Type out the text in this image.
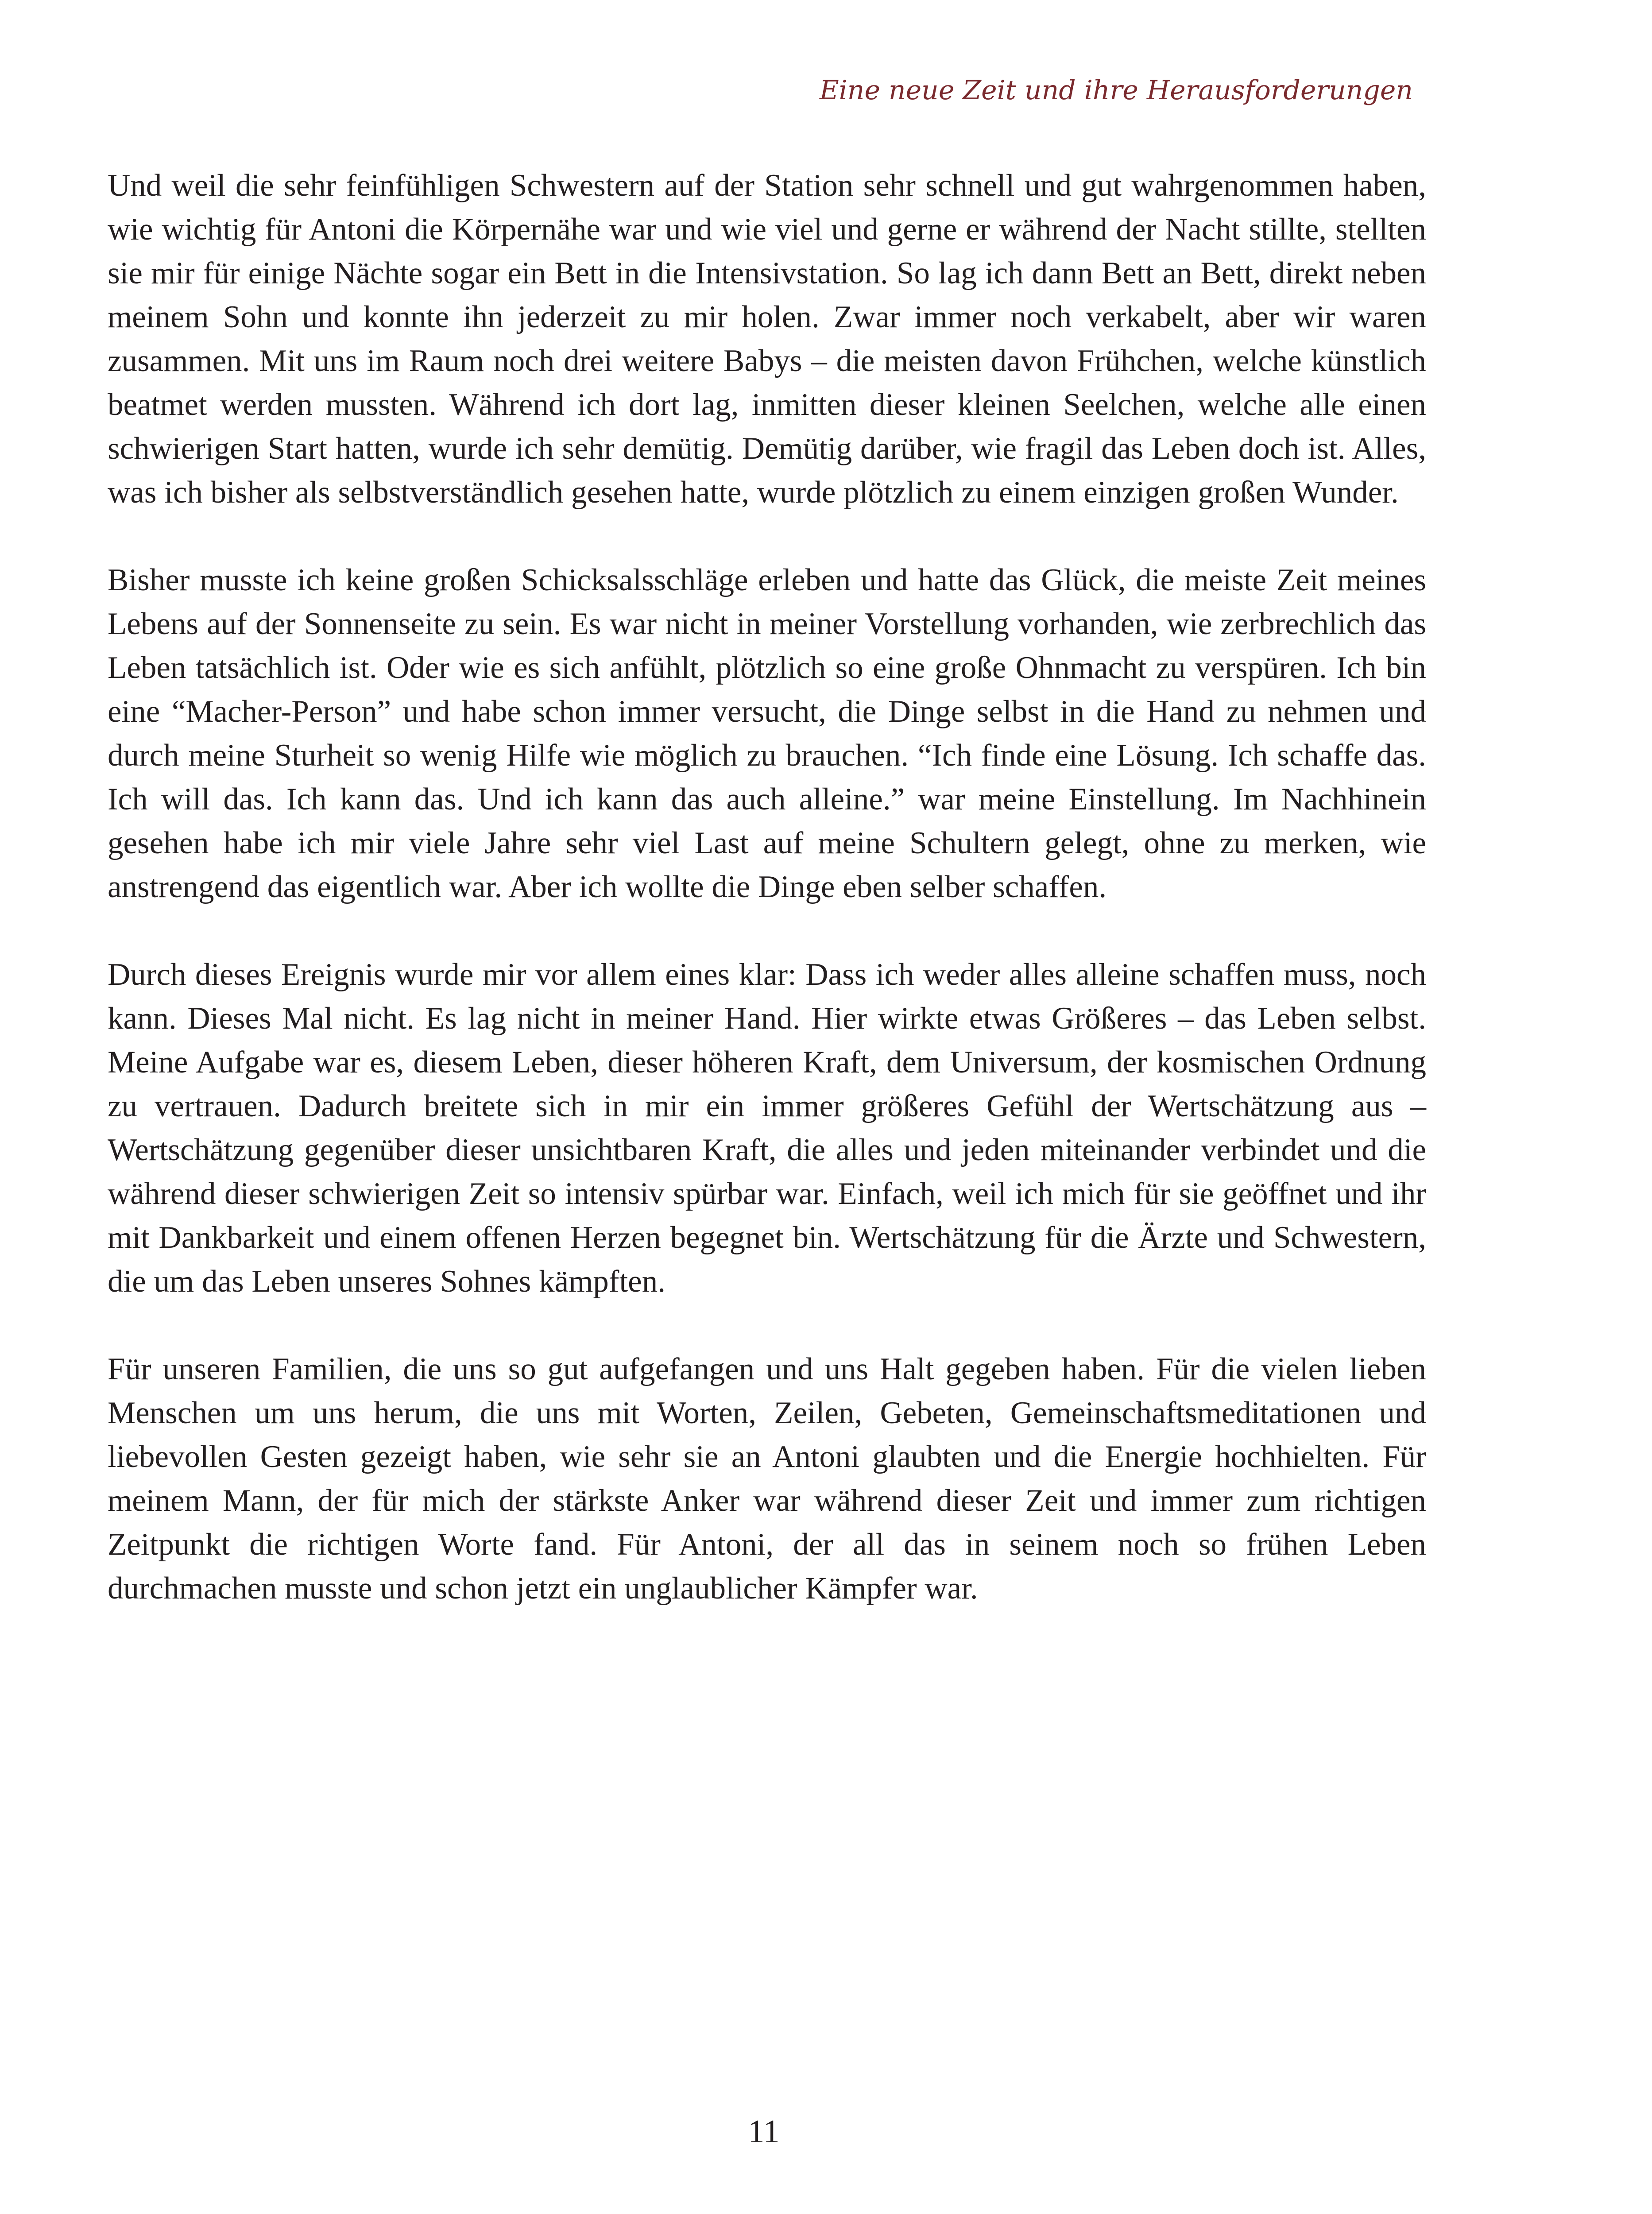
Eine neue Zeit und ihre Herausforderungen

Und weil die sehr feinfühligen Schwestern auf der Station sehr schnell und gut wahrgenommen haben, wie wichtig für Antoni die Körpernähe war und wie viel und gerne er während der Nacht stillte, stellten sie mir für einige Nächte sogar ein Bett in die Intensivstation. So lag ich dann Bett an Bett, direkt neben meinem Sohn und konnte ihn jederzeit zu mir holen. Zwar immer noch verkabelt, aber wir waren zusammen. Mit uns im Raum noch drei weitere Babys – die meisten davon Frühchen, welche künstlich beatmet werden mussten. Während ich dort lag, inmitten dieser kleinen Seelchen, welche alle einen schwierigen Start hatten, wurde ich sehr demütig. Demütig darüber, wie fragil das Leben doch ist. Alles, was ich bisher als selbstverständlich gesehen hatte, wurde plötzlich zu einem einzigen großen Wunder.

Bisher musste ich keine großen Schicksalsschläge erleben und hatte das Glück, die meiste Zeit meines Lebens auf der Sonnenseite zu sein. Es war nicht in meiner Vorstellung vorhanden, wie zerbrechlich das Leben tatsächlich ist. Oder wie es sich anfühlt, plötzlich so eine große Ohnmacht zu verspüren. Ich bin eine “Macher-Person” und habe schon immer versucht, die Dinge selbst in die Hand zu nehmen und durch meine Sturheit so wenig Hilfe wie möglich zu brauchen. “Ich finde eine Lösung. Ich schaffe das. Ich will das. Ich kann das. Und ich kann das auch alleine.” war meine Einstellung. Im Nachhinein gesehen habe ich mir viele Jahre sehr viel Last auf meine Schultern gelegt, ohne zu merken, wie anstrengend das eigentlich war. Aber ich wollte die Dinge eben selber schaffen.

Durch dieses Ereignis wurde mir vor allem eines klar: Dass ich weder alles alleine schaffen muss, noch kann. Dieses Mal nicht. Es lag nicht in meiner Hand. Hier wirkte etwas Größeres – das Leben selbst. Meine Aufgabe war es, diesem Leben, dieser höheren Kraft, dem Universum, der kosmischen Ordnung zu vertrauen. Dadurch breitete sich in mir ein immer größeres Gefühl der Wertschätzung aus – Wertschätzung gegenüber dieser unsichtbaren Kraft, die alles und jeden miteinander verbindet und die während dieser schwierigen Zeit so intensiv spürbar war. Einfach, weil ich mich für sie geöffnet und ihr mit Dankbarkeit und einem offenen Herzen begegnet bin. Wertschätzung für die Ärzte und Schwestern, die um das Leben unseres Sohnes kämpften.

Für unseren Familien, die uns so gut aufgefangen und uns Halt gegeben haben. Für die vielen lieben Menschen um uns herum, die uns mit Worten, Zeilen, Gebeten, Gemeinschaftsmeditationen und liebevollen Gesten gezeigt haben, wie sehr sie an Antoni glaubten und die Energie hochhielten. Für meinem Mann, der für mich der stärkste Anker war während dieser Zeit und immer zum richtigen Zeitpunkt die richtigen Worte fand. Für Antoni, der all das in seinem noch so frühen Leben durchmachen musste und schon jetzt ein unglaublicher Kämpfer war.

11
